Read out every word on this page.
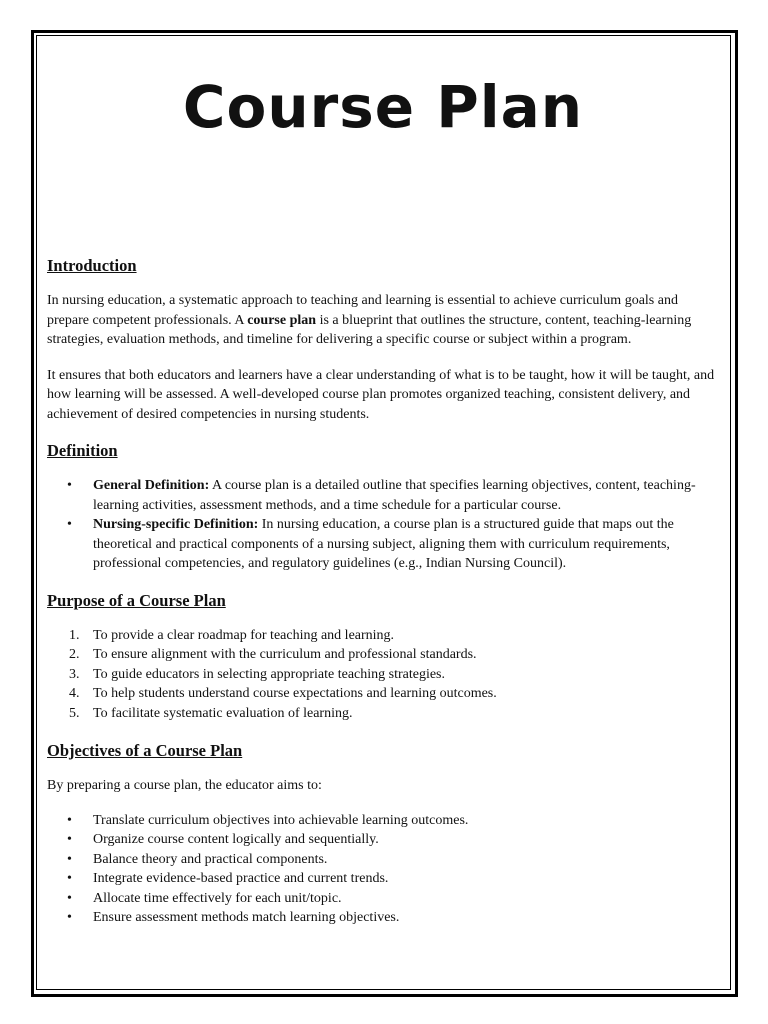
Course Plan
Introduction

In nursing education, a systematic approach to teaching and learning is essential to achieve curriculum goals and prepare competent professionals. A course plan is a blueprint that outlines the structure, content, teaching-learning strategies, evaluation methods, and timeline for delivering a specific course or subject within a program.

It ensures that both educators and learners have a clear understanding of what is to be taught, how it will be taught, and how learning will be assessed. A well-developed course plan promotes organized teaching, consistent delivery, and achievement of desired competencies in nursing students.

Definition
• General Definition: A course plan is a detailed outline that specifies learning objectives, content, teaching-learning activities, assessment methods, and a time schedule for a particular course.
• Nursing-specific Definition: In nursing education, a course plan is a structured guide that maps out the theoretical and practical components of a nursing subject, aligning them with curriculum requirements, professional competencies, and regulatory guidelines (e.g., Indian Nursing Council).
Purpose of a Course Plan
1. To provide a clear roadmap for teaching and learning.
2. To ensure alignment with the curriculum and professional standards.
3. To guide educators in selecting appropriate teaching strategies.
4. To help students understand course expectations and learning outcomes.
5. To facilitate systematic evaluation of learning.
Objectives of a Course Plan

By preparing a course plan, the educator aims to:

• Translate curriculum objectives into achievable learning outcomes.
• Organize course content logically and sequentially.
• Balance theory and practical components.
• Integrate evidence-based practice and current trends.
• Allocate time effectively for each unit/topic.
• Ensure assessment methods match learning objectives.
